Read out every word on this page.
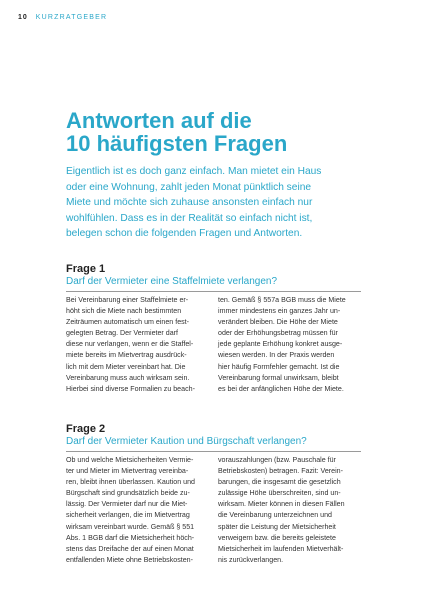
10 KURZRATGEBER
Antworten auf die
10 häufigsten Fragen

Eigentlich ist es doch ganz einfach. Man mietet ein Haus
oder eine Wohnung, zahlt jeden Monat pünktlich seine
Miete und möchte sich zuhause ansonsten einfach nur
wohlfühlen. Dass es in der Realität so einfach nicht ist,
belegen schon die folgenden Fragen und Antworten.

Frage 1
Darf der Vermieter eine Staffelmiete verlangen?

Bei Vereinbarung einer Staffelmiete er-
höht sich die Miete nach bestimmten
Zeiträumen automatisch um einen fest-
gelegten Betrag. Der Vermieter darf
diese nur verlangen, wenn er die Staffel-
miete bereits im Mietvertrag ausdrück-
lich mit dem Mieter vereinbart hat. Die
Vereinbarung muss auch wirksam sein.
Hierbei sind diverse Formalien zu beach-

ten. Gemäß § 557a BGB muss die Miete
immer mindestens ein ganzes Jahr un-
verändert bleiben. Die Höhe der Miete
oder der Erhöhungsbetrag müssen für
jede geplante Erhöhung konkret ausge-
wiesen werden. In der Praxis werden
hier häufig Formfehler gemacht. Ist die
Vereinbarung formal unwirksam, bleibt
es bei der anfänglichen Höhe der Miete.

Frage 2
Darf der Vermieter Kaution und Bürgschaft verlangen?

Ob und welche Mietsicherheiten Vermie-
ter und Mieter im Mietvertrag vereinba-
ren, bleibt ihnen überlassen. Kaution und
Bürgschaft sind grundsätzlich beide zu-
lässig. Der Vermieter darf nur die Miet-
sicherheit verlangen, die im Mietvertrag
wirksam vereinbart wurde. Gemäß § 551
Abs. 1 BGB darf die Mietsicherheit höch-
stens das Dreifache der auf einen Monat
entfallenden Miete ohne Betriebskosten-

vorauszahlungen (bzw. Pauschale für
Betriebskosten) betragen. Fazit: Verein-
barungen, die insgesamt die gesetzlich
zulässige Höhe überschreiten, sind un-
wirksam. Mieter können in diesen Fällen
die Vereinbarung unterzeichnen und
später die Leistung der Mietsicherheit
verweigern bzw. die bereits geleistete
Mietsicherheit im laufenden Mietverhält-
nis zurückverlangen.
